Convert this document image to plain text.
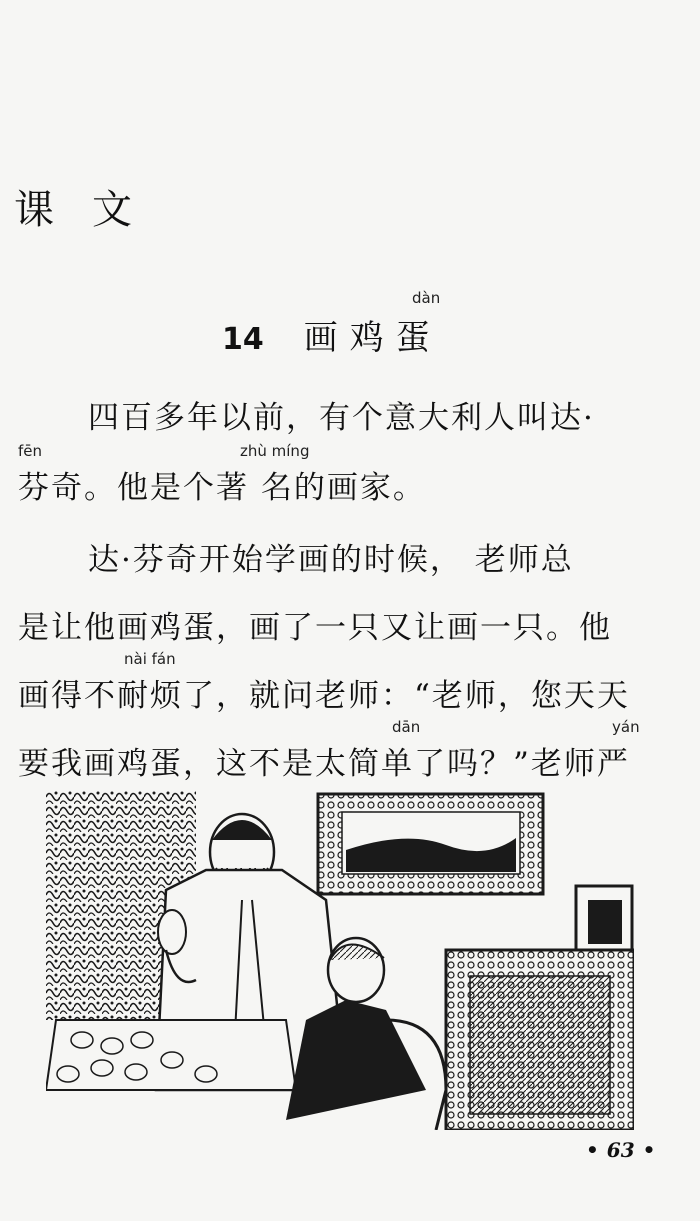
课文
dàn
14 画鸡蛋
四百多年以前，有个意大利人叫达·
fēn	zhù míng
芬奇。他是个著 名的画家。
达·芬奇开始学画的时候， 老师总
是让他画鸡蛋，画了一只又让画一只。他
nài fán
画得不耐烦了，就问老师：“老师，您天天
dān	yán
要我画鸡蛋，这不是太简单了吗？”老师严
• 63 •
